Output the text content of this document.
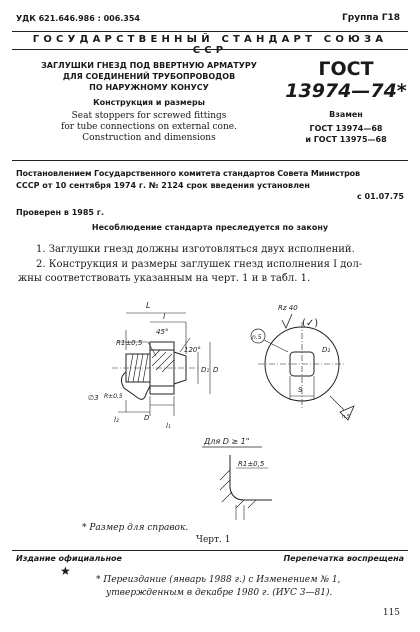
УДК 621.646.986 : 006.354	Группа Г18
ГОСУДАРСТВЕННЫЙ СТАНДАРТ СОЮЗА ССР
ЗАГЛУШКИ ГНЕЗД ПОД ВВЕРТНУЮ АРМАТУРУ
ДЛЯ СОЕДИНЕНИЙ ТРУБОПРОВОДОВ
ПО НАРУЖНОМУ КОНУСУ
Конструкция и размеры
Seat stoppers for screwed fittings
for tube connections on external cone.
Construction and dimensions
ГОСТ
13974—74*
Взамен
ГОСТ 13974—68
и ГОСТ 13975—68
Постановлением Государственного комитета стандартов Совета Министров
СССР от 10 сентября 1974 г. № 2124 срок введения установлен
с 01.07.75
Проверен в 1985 г.
Несоблюдение стандарта преследуется по закону
1. Заглушки гнезд должны изготовляться двух исполнений.
2. Конструкция и размеры заглушек гнезд исполнения I дол-
жны соответствовать указанным на черт. 1 и в табл. 1.
L
l
45°
R1±0,5
120°
D₁ D
R±0,5
∅3
l₂	D
l₁
n.5
D₂
S
n.5
Rz 40
(✓)
Для D ≥ 1"
R1±0,5
* Размер для справок.
Черт. 1
Издание официальное	Перепечатка воспрещена
★
* Переиздание (январь 1988 г.) с Изменением № 1,
утвержденным в декабре 1980 г. (ИУС 3—81).
115
